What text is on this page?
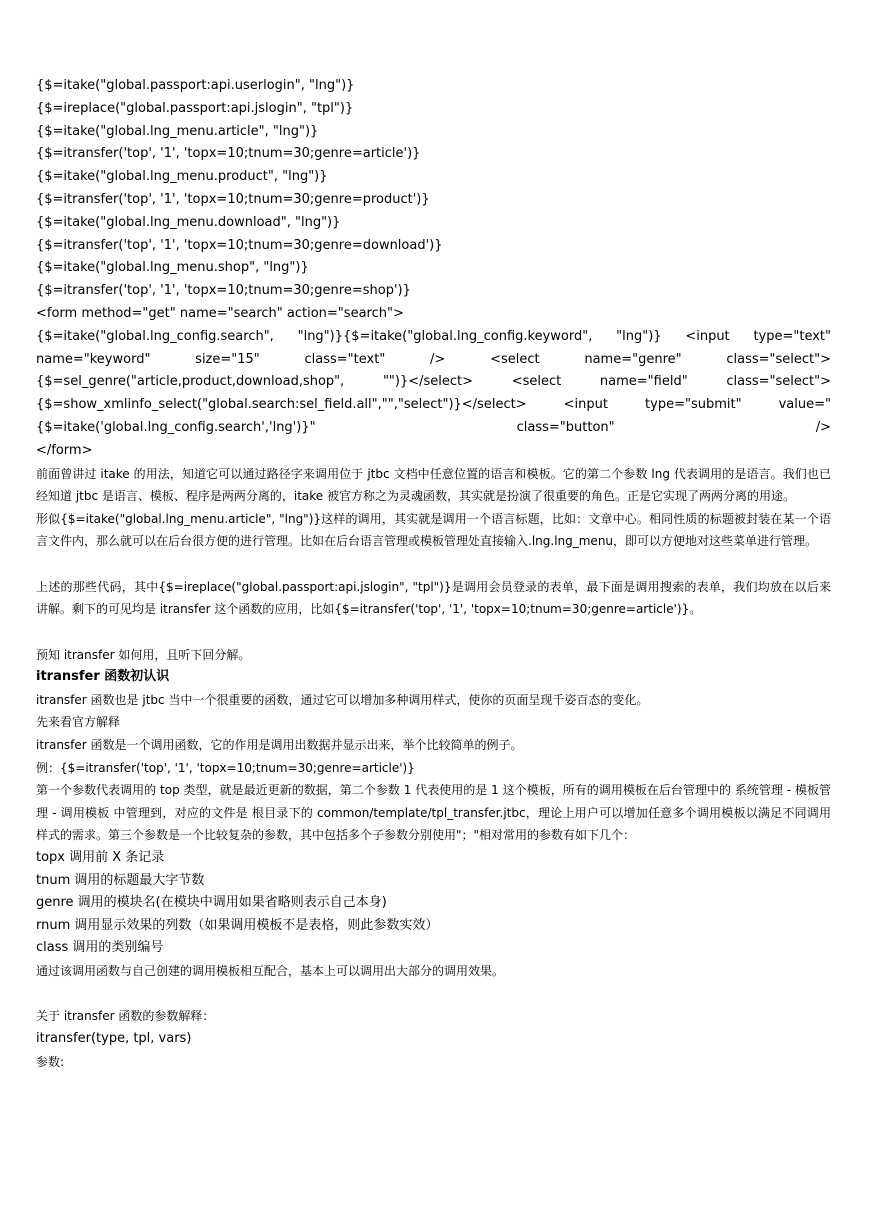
{$=itake("global.passport:api.userlogin", "lng")}
{$=ireplace("global.passport:api.jslogin", "tpl")}
{$=itake("global.lng_menu.article", "lng")}
{$=itransfer('top', '1', 'topx=10;tnum=30;genre=article')}
{$=itake("global.lng_menu.product", "lng")}
{$=itransfer('top', '1', 'topx=10;tnum=30;genre=product')}
{$=itake("global.lng_menu.download", "lng")}
{$=itransfer('top', '1', 'topx=10;tnum=30;genre=download')}
{$=itake("global.lng_menu.shop", "lng")}
{$=itransfer('top', '1', 'topx=10;tnum=30;genre=shop')}
<form method="get" name="search" action="search">
{$=itake("global.lng_config.search", "lng")}{$=itake("global.lng_config.keyword", "lng")} <input type="text" name="keyword" size="15" class="text" /> <select name="genre" class="select">{$=sel_genre("article,product,download,shop", "")}</select> <select name="field" class="select">{$=show_xmlinfo_select("global.search:sel_field.all","","select")}</select> <input type="submit" value="{$=itake('global.lng_config.search','lng')}" class="button" />
</form>
前面曾讲过 itake 的用法，知道它可以通过路径字来调用位于 jtbc 文档中任意位置的语言和模板。它的第二个参数 lng 代表调用的是语言。我们也已经知道 jtbc 是语言、模板、程序是两两分离的，itake 被官方称之为灵魂函数，其实就是扮演了很重要的角色。正是它实现了两两分离的用途。
形似{$=itake("global.lng_menu.article", "lng")}这样的调用，其实就是调用一个语言标题，比如：文章中心。相同性质的标题被封装在某一个语言文件内，那么就可以在后台很方便的进行管理。比如在后台语言管理或模板管理处直接输入.lng.lng_menu，即可以方便地对这些菜单进行管理。
上述的那些代码，其中{$=ireplace("global.passport:api.jslogin", "tpl")}是调用会员登录的表单，最下面是调用搜索的表单，我们均放在以后来讲解。剩下的可见均是 itransfer 这个函数的应用，比如{$=itransfer('top', '1', 'topx=10;tnum=30;genre=article')}。
预知 itransfer 如何用，且听下回分解。
itransfer 函数初认识
itransfer 函数也是 jtbc 当中一个很重要的函数，通过它可以增加多种调用样式，使你的页面呈现千姿百态的变化。
先来看官方解释
itransfer 函数是一个调用函数，它的作用是调用出数据并显示出来，举个比较简单的例子。
例：{$=itransfer('top', '1', 'topx=10;tnum=30;genre=article')}
第一个参数代表调用的 top 类型，就是最近更新的数据，第二个参数 1 代表使用的是 1 这个模板，所有的调用模板在后台管理中的 系统管理 - 模板管理 - 调用模板 中管理到，对应的文件是 根目录下的 common/template/tpl_transfer.jtbc，理论上用户可以增加任意多个调用模板以满足不同调用样式的需求。第三个参数是一个比较复杂的参数，其中包括多个子参数分别使用"；"相对常用的参数有如下几个：
topx 调用前 X 条记录
tnum 调用的标题最大字节数
genre 调用的模块名(在模块中调用如果省略则表示自己本身)
rnum 调用显示效果的列数（如果调用模板不是表格，则此参数实效）
class 调用的类别编号
通过该调用函数与自己创建的调用模板相互配合，基本上可以调用出大部分的调用效果。
关于 itransfer 函数的参数解释：
itransfer(type, tpl, vars)
参数:
